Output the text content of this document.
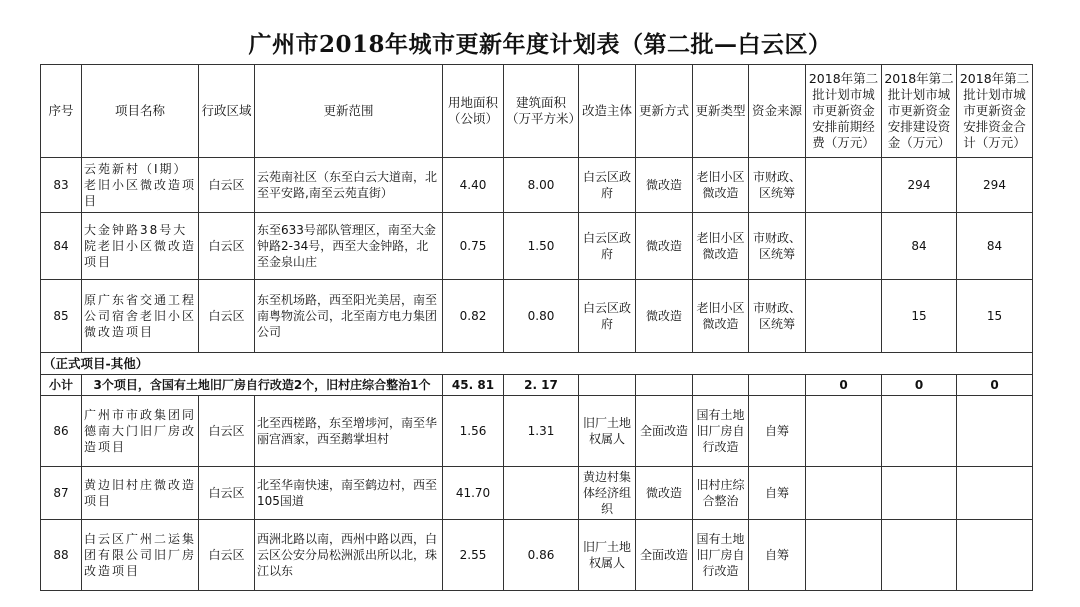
广州市2018年城市更新年度计划表（第二批—白云区）
序号	项目名称	行政区域	更新范围	用地面积（公顷）	建筑面积（万平方米）	改造主体	更新方式	更新类型	资金来源	2018年第二批计划市城市更新资金安排前期经费（万元）	2018年第二批计划市城市更新资金安排建设资金（万元）	2018年第二批计划市城市更新资金安排资金合计（万元）
83	云苑新村（Ⅰ期）老旧小区微改造项目	白云区	云苑南社区（东至白云大道南，北至平安路,南至云苑直街）	4.40	8.00	白云区政府	微改造	老旧小区微改造	市财政、区统筹		294	294
84	大金钟路38号大院老旧小区微改造项目	白云区	东至633号部队管理区，南至大金钟路2-34号，西至大金钟路，北至金泉山庄	0.75	1.50	白云区政府	微改造	老旧小区微改造	市财政、区统筹		84	84
85	原广东省交通工程公司宿舍老旧小区微改造项目	白云区	东至机场路，西至阳光美居，南至南粤物流公司，北至南方电力集团公司	0.82	0.80	白云区政府	微改造	老旧小区微改造	市财政、区统筹		15	15
（正式项目-其他）												
小计	3个项目，含国有土地旧厂房自行改造2个，旧村庄综合整治1个			45. 81	2. 17					0	0	0
86	广州市市政集团同德南大门旧厂房改造项目	白云区	北至西槎路，东至增埗河，南至华丽宫酒家，西至鹅掌坦村	1.56	1.31	旧厂土地权属人	全面改造	国有土地旧厂房自行改造	自筹			
87	黄边旧村庄微改造项目	白云区	北至华南快速，南至鹤边村，西至105国道	41.70		黄边村集体经济组织	微改造	旧村庄综合整治	自筹			
88	白云区广州二运集团有限公司旧厂房改造项目	白云区	西洲北路以南，西州中路以西，白云区公安分局松洲派出所以北，珠江以东	2.55	0.86	旧厂土地权属人	全面改造	国有土地旧厂房自行改造	自筹			
